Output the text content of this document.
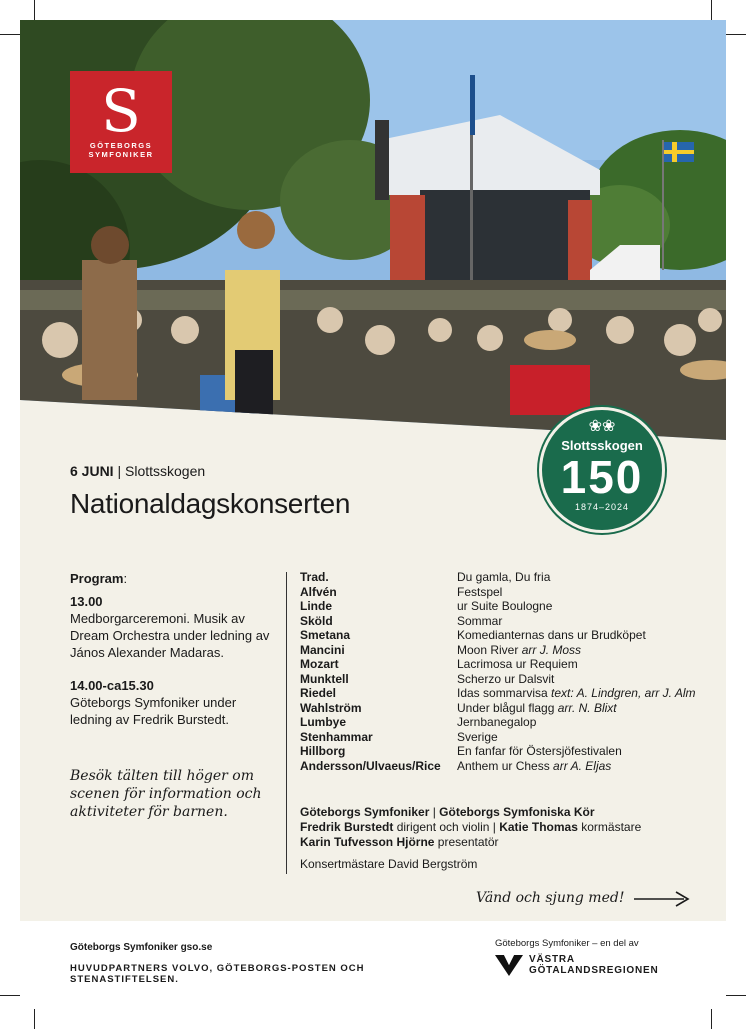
S
GÖTEBORGS
SYMFONIKER
❀❀
Slottsskogen
150
1874–2024
6 JUNI | Slottsskogen
Nationaldagskonserten

Program:

13.00

Medborgarceremoni. Musik av Dream Orchestra under ledning av János Alexander Madaras.

14.00-ca15.30

Göteborgs Symfoniker under ledning av Fredrik Burstedt.

Besök tälten till höger om scenen för information och aktiviteter för barnen.
Trad.	Du gamla, Du fria
Alfvén	Festspel
Linde	ur Suite Boulogne
Sköld	Sommar
Smetana	Komedianternas dans ur Brudköpet
Mancini	Moon River arr J. Moss
Mozart	Lacrimosa ur Requiem
Munktell	Scherzo ur Dalsvit
Riedel	Idas sommarvisa text: A. Lindgren, arr J. Alm
Wahlström	Under blågul flagg arr. N. Blixt
Lumbye	Jernbanegalop
Stenhammar	Sverige
Hillborg	En fanfar för Östersjöfestivalen
Andersson/Ulvaeus/Rice	Anthem ur Chess arr A. Eljas
Göteborgs Symfoniker | Göteborgs Symfoniska Kör
Fredrik Burstedt dirigent och violin | Katie Thomas kormästare
Karin Tufvesson Hjörne presentatör
Konsertmästare David Bergström
Vänd och sjung med!
Göteborgs Symfoniker gso.se
HUVUDPARTNERS VOLVO, GÖTEBORGS-POSTEN OCH STENASTIFTELSEN.
Göteborgs Symfoniker – en del av
VÄSTRA
GÖTALANDSREGIONEN
